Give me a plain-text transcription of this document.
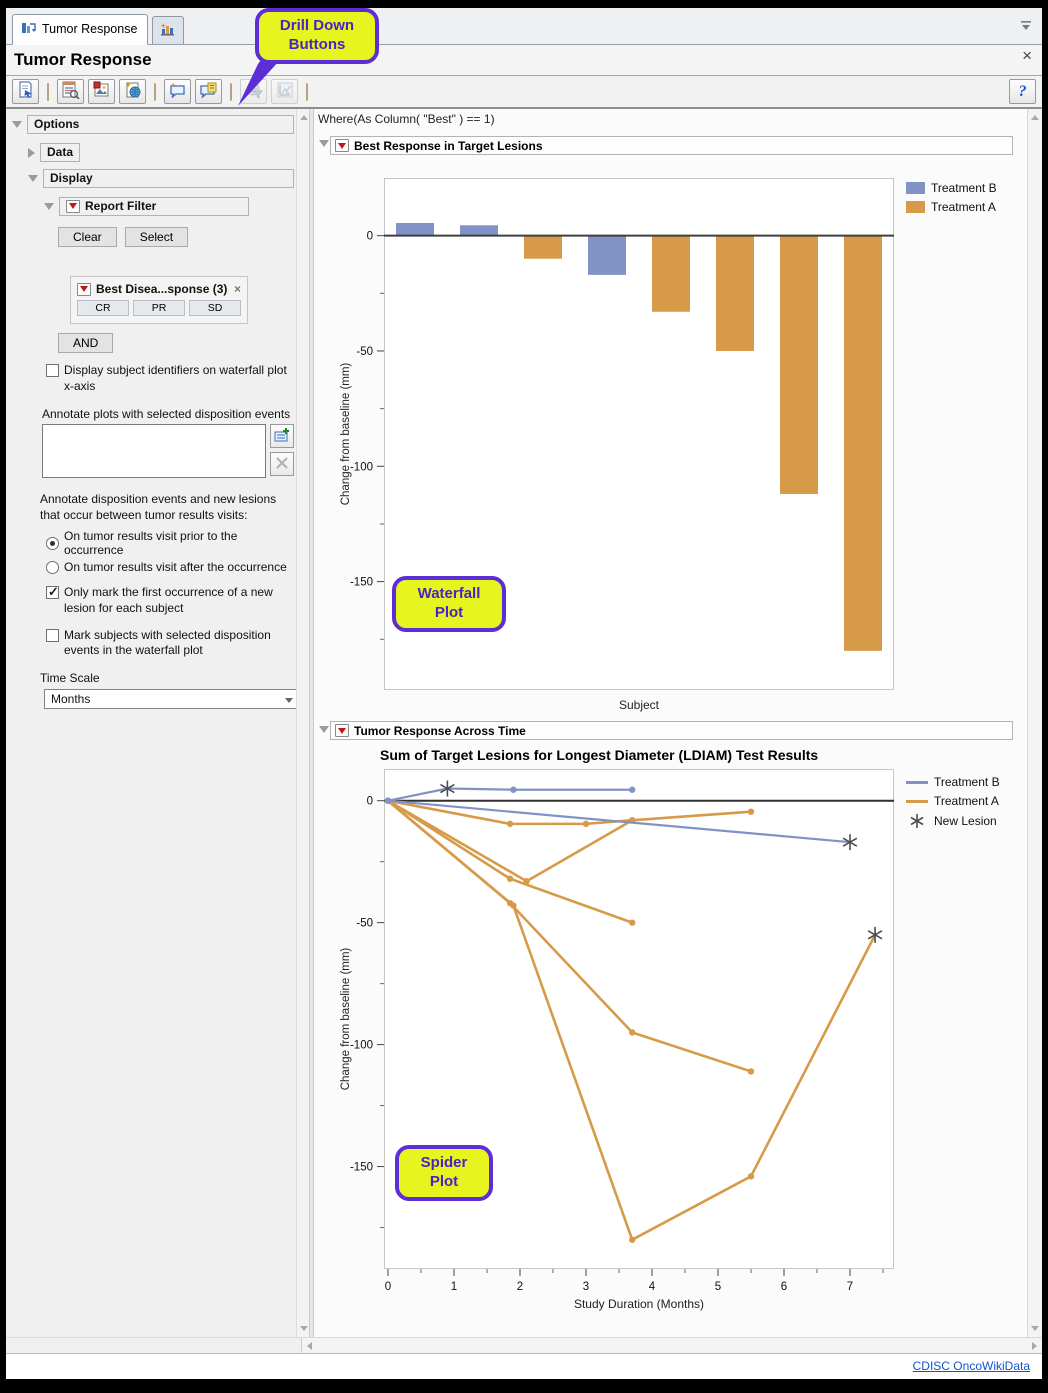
Tumor Response
Tumor Response	×
?
Options
Data
Display
Report Filter
Clear	Select
Best Disea...sponse (3) ×
CR	PR	SD
AND
Display subject identifiers on waterfall plot x-axis
Annotate plots with selected disposition events
Annotate disposition events and new lesions that occur between tumor results visits:
On tumor results visit prior to the occurrence
On tumor results visit after the occurrence
✓
Only mark the first occurrence of a new lesion for each subject
Mark subjects with selected disposition events in the waterfall plot
Time Scale
Months
Where(As Column( "Best" ) == 1)
Best Response in Target Lesions
Change from baseline (mm)
0
-50
-100
-150
Subject
Treatment B
Treatment A
Waterfall
Plot
Tumor Response Across Time
Sum of Target Lesions for Longest Diameter (LDIAM) Test Results
Change from baseline (mm)
0
-50
-100
-150
0	1	2	3	4	5	6	7
Study Duration (Months)
Treatment B
Treatment A
New Lesion
Spider
Plot
CDISC OncoWikiData
Drill Down
Buttons
